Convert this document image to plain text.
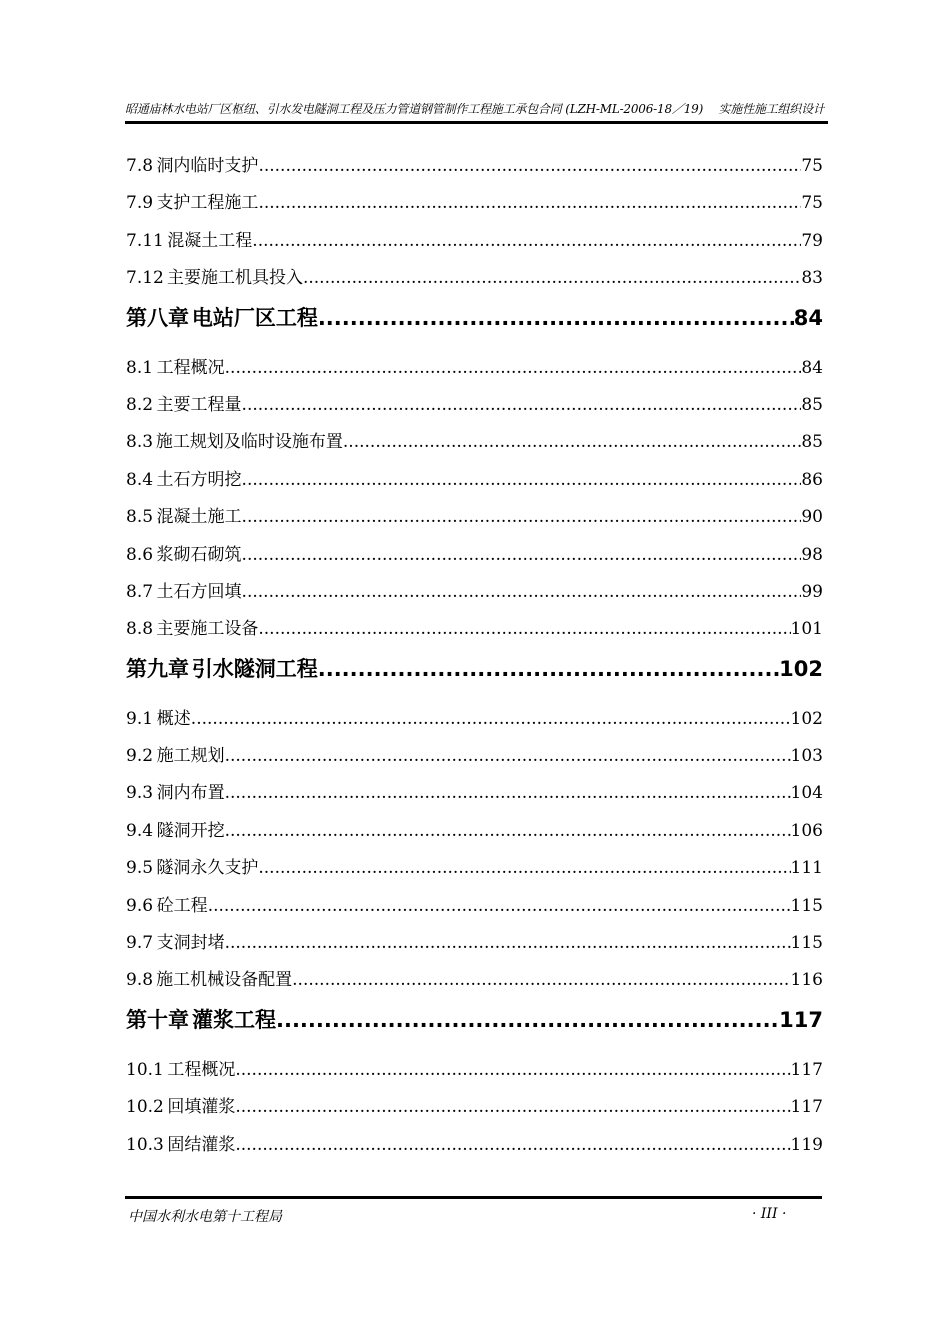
昭通庙林水电站厂区枢纽、引水发电隧洞工程及压力管道钢管制作工程施工承包合同 (LZH-ML-2006-18／19)　 实施性施工组织设计
7.8 洞内临时支护 .....	75
7.9 支护工程施工 .....	75
7.11 混凝土工程 .....	79
7.12 主要施工机具投入 .....	83
第八章 电站厂区工程 .....	84
8.1 工程概况 .....	84
8.2 主要工程量 .....	85
8.3 施工规划及临时设施布置 .....	85
8.4 土石方明挖 .....	86
8.5 混凝土施工 .....	90
8.6 浆砌石砌筑 .....	98
8.7 土石方回填 .....	99
8.8 主要施工设备 .....	101
第九章 引水隧洞工程 .....	102
9.1 概述 .....	102
9.2 施工规划 .....	103
9.3 洞内布置 .....	104
9.4 隧洞开挖 .....	106
9.5 隧洞永久支护 .....	111
9.6 砼工程 .....	115
9.7 支洞封堵 .....	115
9.8 施工机械设备配置 .....	116
第十章 灌浆工程 .....	117
10.1 工程概况 .....	117
10.2 回填灌浆 .....	117
10.3 固结灌浆 .....	119
中国水利水电第十工程局	· III ·
